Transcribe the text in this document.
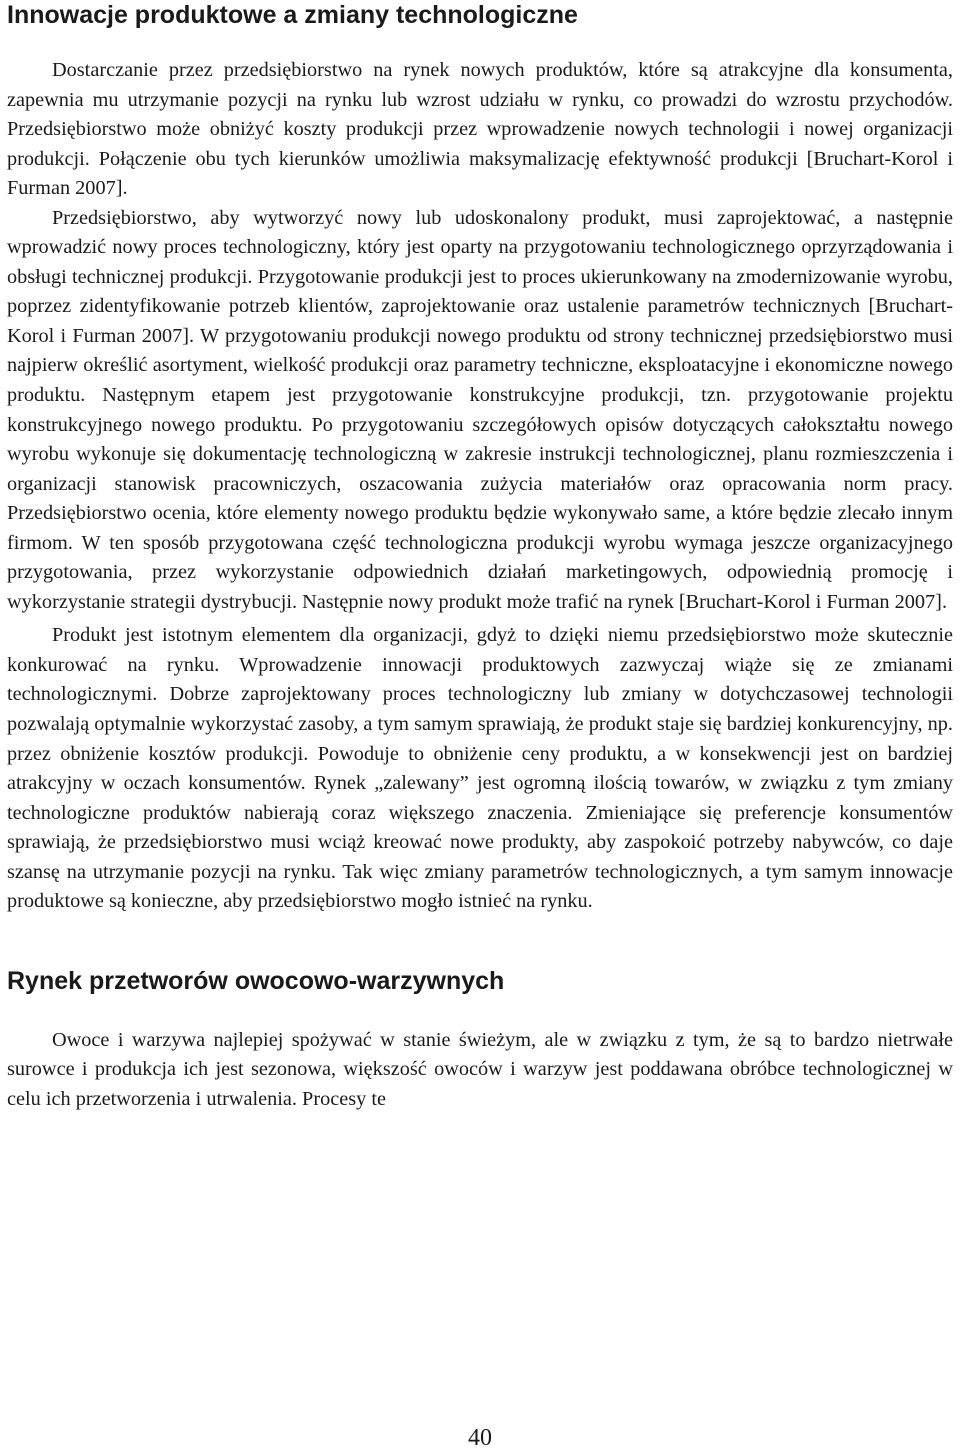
Innowacje produktowe a zmiany technologiczne

Dostarczanie przez przedsiębiorstwo na rynek nowych produktów, które są atrakcyjne dla konsumenta, zapewnia mu utrzymanie pozycji na rynku lub wzrost udziału w rynku, co prowadzi do wzrostu przychodów. Przedsiębiorstwo może obniżyć koszty produkcji przez wprowadzenie nowych technologii i nowej organizacji produkcji. Połączenie obu tych kierunków umożliwia maksymalizację efektywność produkcji [Bruchart-Korol i Furman 2007].

Przedsiębiorstwo, aby wytworzyć nowy lub udoskonalony produkt, musi zaprojektować, a następnie wprowadzić nowy proces technologiczny, który jest oparty na przygotowaniu technologicznego oprzyrządowania i obsługi technicznej produkcji. Przygotowanie produkcji jest to proces ukierunkowany na zmodernizowanie wyrobu, poprzez zidentyfikowanie potrzeb klientów, zaprojektowanie oraz ustalenie parametrów technicznych [Bruchart-Korol i Furman 2007]. W przygotowaniu produkcji nowego produktu od strony technicznej przedsiębiorstwo musi najpierw określić asortyment, wielkość produkcji oraz parametry techniczne, eksploatacyjne i ekonomiczne nowego produktu. Następnym etapem jest przygotowanie konstrukcyjne produkcji, tzn. przygotowanie projektu konstrukcyjnego nowego produktu. Po przygotowaniu szczegółowych opisów dotyczących całokształtu nowego wyrobu wykonuje się dokumentację technologiczną w zakresie instrukcji technologicznej, planu rozmieszczenia i organizacji stanowisk pracowniczych, oszacowania zużycia materiałów oraz opracowania norm pracy. Przedsiębiorstwo ocenia, które elementy nowego produktu będzie wykonywało same, a które będzie zlecało innym firmom. W ten sposób przygotowana część technologiczna produkcji wyrobu wymaga jeszcze organizacyjnego przygotowania, przez wykorzystanie odpowiednich działań marketingowych, odpowiednią promocję i wykorzystanie strategii dystrybucji. Następnie nowy produkt może trafić na rynek [Bruchart-Korol i Furman 2007].

Produkt jest istotnym elementem dla organizacji, gdyż to dzięki niemu przedsiębiorstwo może skutecznie konkurować na rynku. Wprowadzenie innowacji produktowych zazwyczaj wiąże się ze zmianami technologicznymi. Dobrze zaprojektowany proces technologiczny lub zmiany w dotychczasowej technologii pozwalają optymalnie wykorzystać zasoby, a tym samym sprawiają, że produkt staje się bardziej konkurencyjny, np. przez obniżenie kosztów produkcji. Powoduje to obniżenie ceny produktu, a w konsekwencji jest on bardziej atrakcyjny w oczach konsumentów. Rynek „zalewany” jest ogromną ilością towarów, w związku z tym zmiany technologiczne produktów nabierają coraz większego znaczenia. Zmieniające się preferencje konsumentów sprawiają, że przedsiębiorstwo musi wciąż kreować nowe produkty, aby zaspokoić potrzeby nabywców, co daje szansę na utrzymanie pozycji na rynku. Tak więc zmiany parametrów technologicznych, a tym samym innowacje produktowe są konieczne, aby przedsiębiorstwo mogło istnieć na rynku.

Rynek przetworów owocowo-warzywnych

Owoce i warzywa najlepiej spożywać w stanie świeżym, ale w związku z tym, że są to bardzo nietrwałe surowce i produkcja ich jest sezonowa, większość owoców i warzyw jest poddawana obróbce technologicznej w celu ich przetworzenia i utrwalenia. Procesy te

40
